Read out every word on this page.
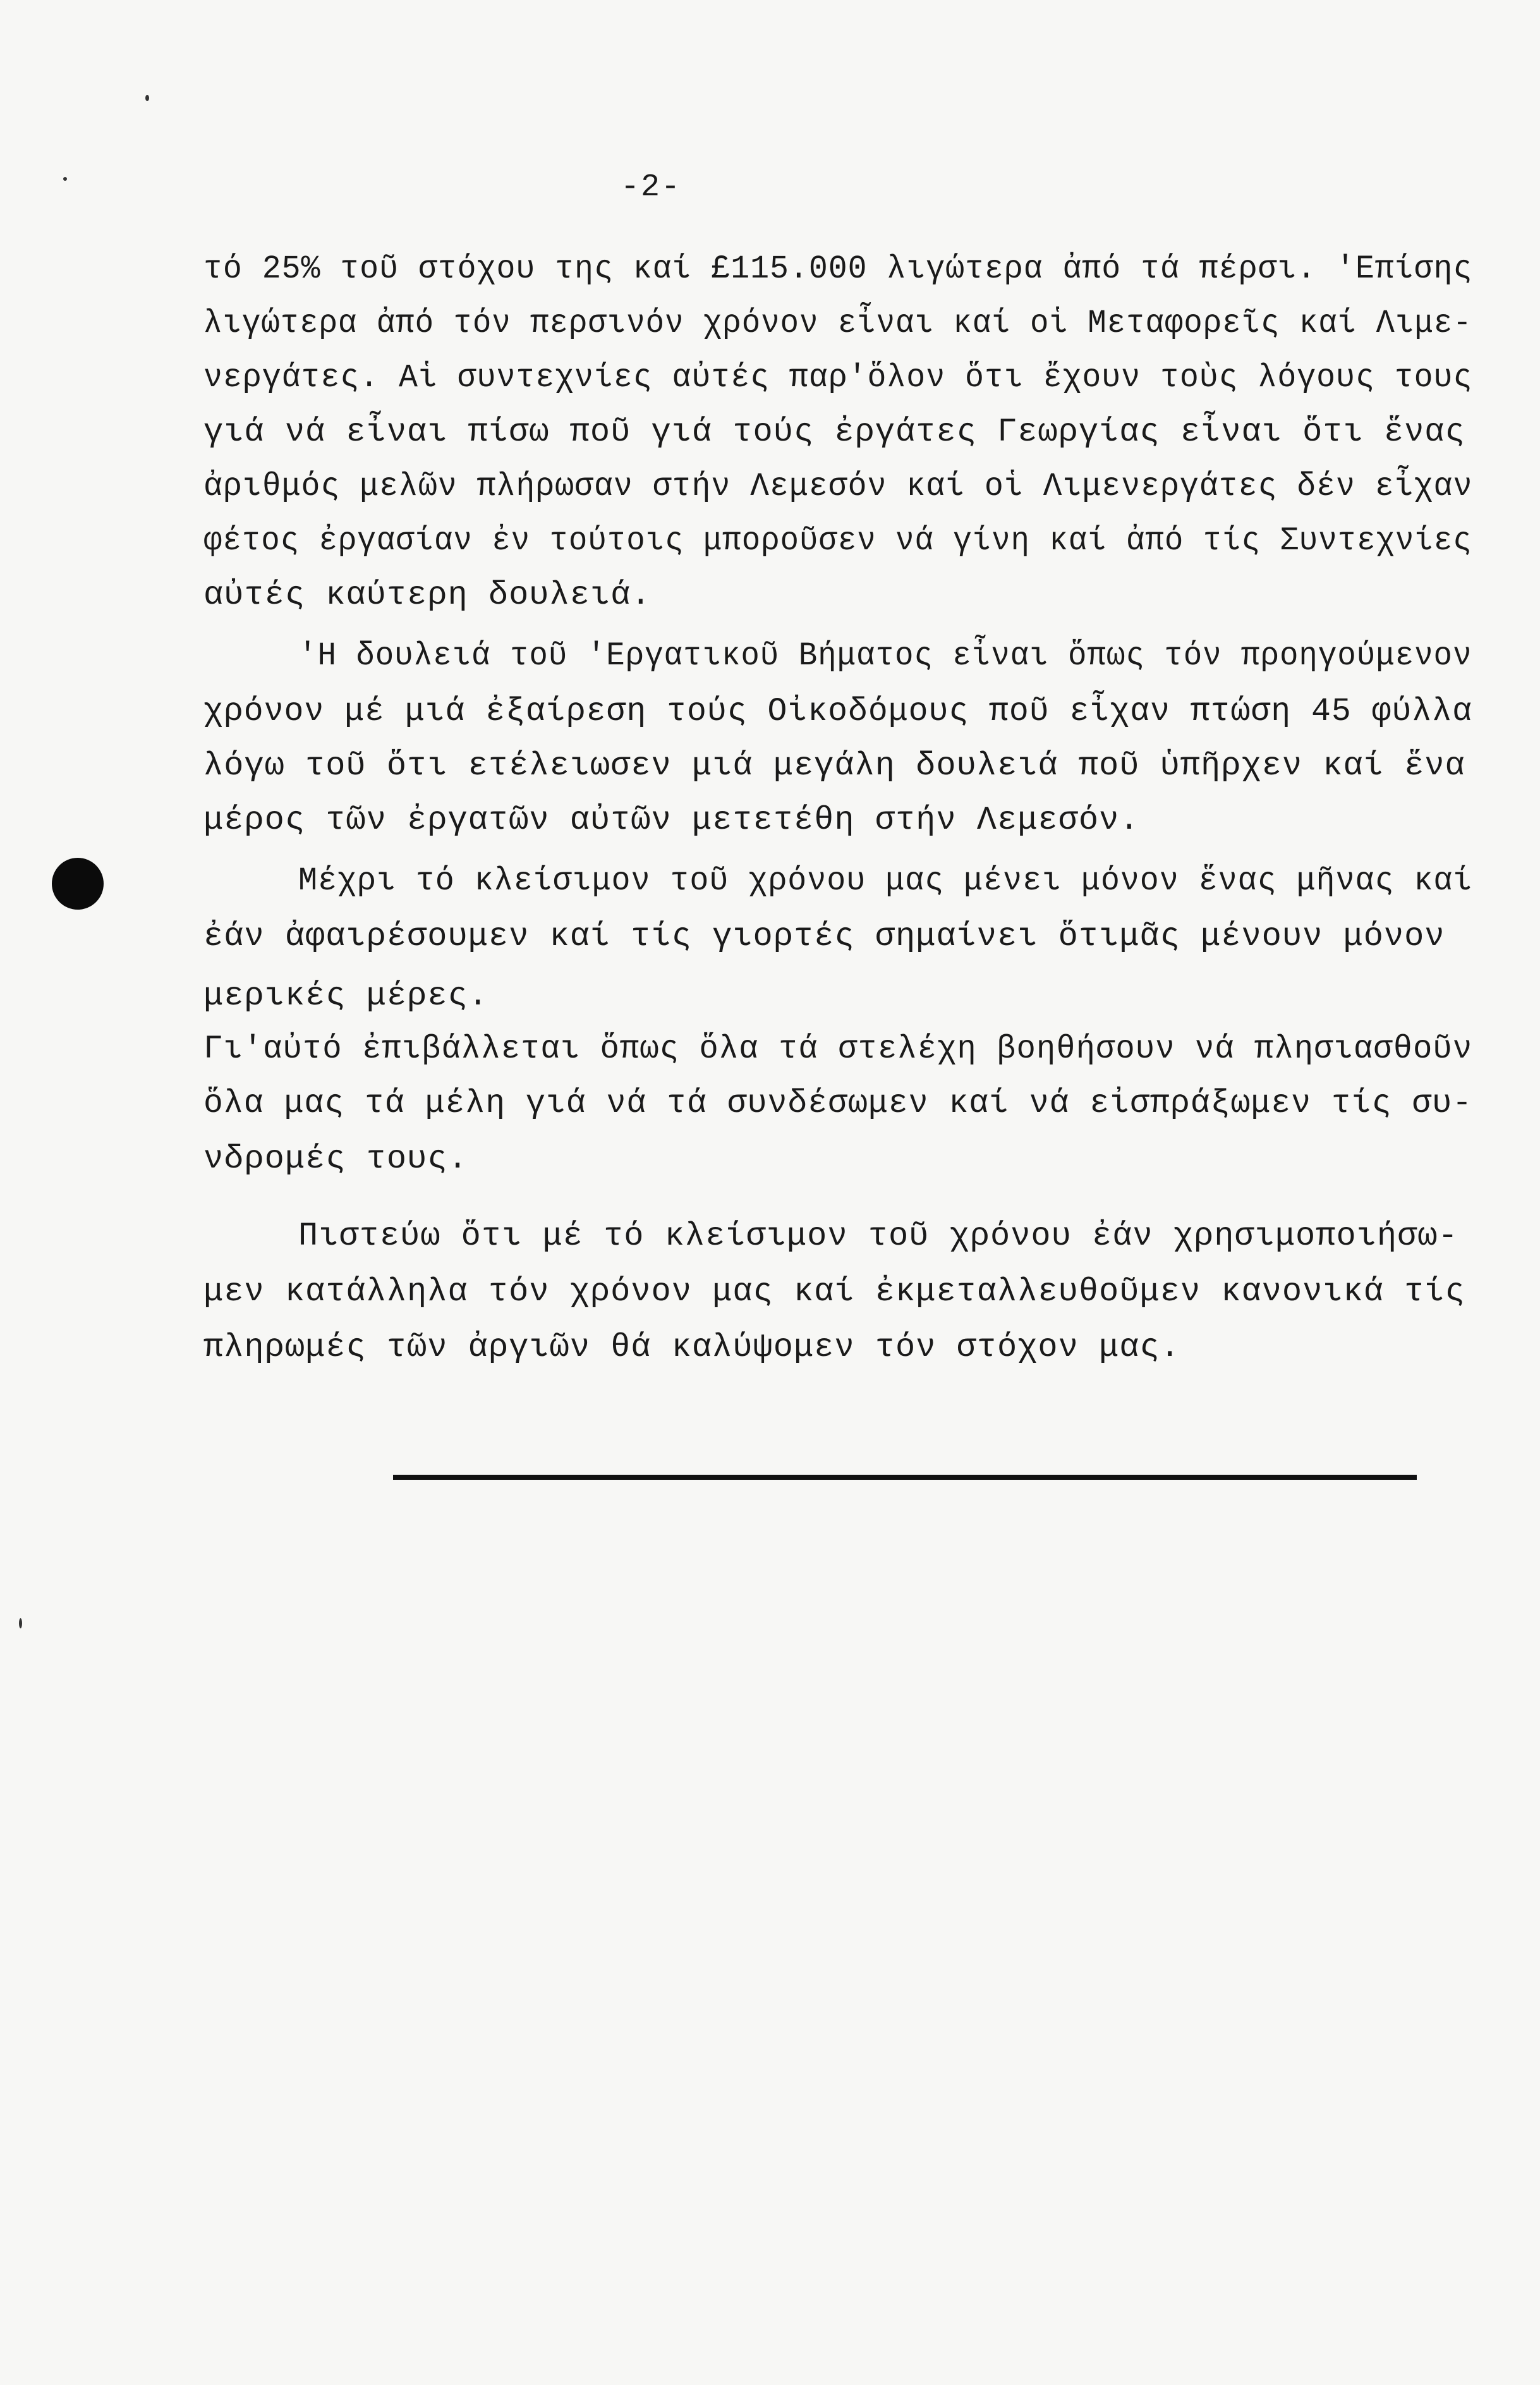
-2-
τό 25% τοῦ στόχου της καί £115.000 λιγώτερα ἀπό τά πέρσι. 'Επίσης
λιγώτερα ἀπό τόν περσινόν χρόνον εἶναι καί οἱ Μεταφορεῖς καί Λιμε-
νεργάτες. Αἱ συντεχνίες αὐτές παρ'ὅλον ὅτι ἔχουν τοὺς λόγους τους
γιά νά εἶναι πίσω ποῦ γιά τούς ἐργάτες Γεωργίας εἶναι ὅτι ἕνας
ἀριθμός μελῶν πλήρωσαν στήν Λεμεσόν καί οἱ Λιμενεργάτες δέν εἶχαν
φέτος ἐργασίαν ἐν τούτοις μποροῦσεν νά γίνη καί ἀπό τίς Συντεχνίες
αὐτές καύτερη δουλειά.
'Η δουλειά τοῦ 'Εργατικοῦ Βήματος εἶναι ὅπως τόν προηγούμενον
χρόνον μέ μιά ἐξαίρεση τούς Οἰκοδόμους ποῦ εἶχαν πτώση 45 φύλλα
λόγω τοῦ ὅτι ετέλειωσεν μιά μεγάλη δουλειά ποῦ ὑπῆρχεν καί ἕνα
μέρος τῶν ἐργατῶν αὐτῶν μετετέθη στήν Λεμεσόν.
Μέχρι τό κλείσιμον τοῦ χρόνου μας μένει μόνον ἕνας μῆνας καί
ἐάν ἀφαιρέσουμεν καί τίς γιορτές σημαίνει ὅτιμᾶς μένουν μόνον
μερικές μέρες.
Γι'αὐτό ἐπιβάλλεται ὅπως ὅλα τά στελέχη βοηθήσουν νά πλησιασθοῦν
ὅλα μας τά μέλη γιά νά τά συνδέσωμεν καί νά εἰσπράξωμεν τίς συ-
νδρομές τους.
Πιστεύω ὅτι μέ τό κλείσιμον τοῦ χρόνου ἐάν χρησιμοποιήσω-
μεν κατάλληλα τόν χρόνον μας καί ἐκμεταλλευθοῦμεν κανονικά τίς
πληρωμές τῶν ἀργιῶν θά καλύψομεν τόν στόχον μας.
